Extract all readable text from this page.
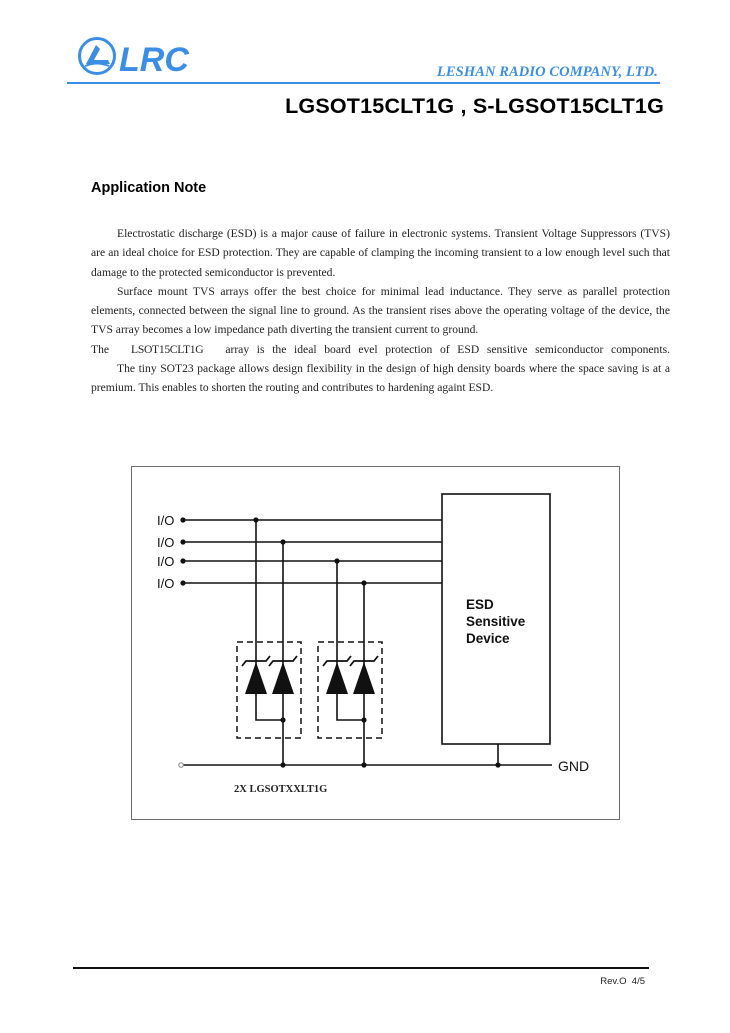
LRC	LESHAN RADIO COMPANY, LTD.
LGSOT15CLT1G , S-LGSOT15CLT1G
Application Note

Electrostatic discharge (ESD) is a major cause of failure in electronic systems. Transient Voltage Suppressors (TVS) are an ideal choice for ESD protection. They are capable of clamping the incoming transient to a low enough level such that damage to the protected semiconductor is prevented.

Surface mount TVS arrays offer the best choice for minimal lead inductance. They serve as parallel protection elements, connected between the signal line to ground. As the transient rises above the operating voltage of the device, the TVS array becomes a low impedance path diverting the transient current to ground.

The LSOT15CLT1G array is the ideal board evel protection of ESD sensitive semiconductor components.

The tiny SOT23 package allows design flexibility in the design of high density boards where the space saving is at a premium. This enables to shorten the routing and contributes to hardening againt ESD.

I/O
I/O
I/O
I/O
GND
ESD
Sensitive
Device
2X LGSOTXXLT1G
Rev.O 4/5
